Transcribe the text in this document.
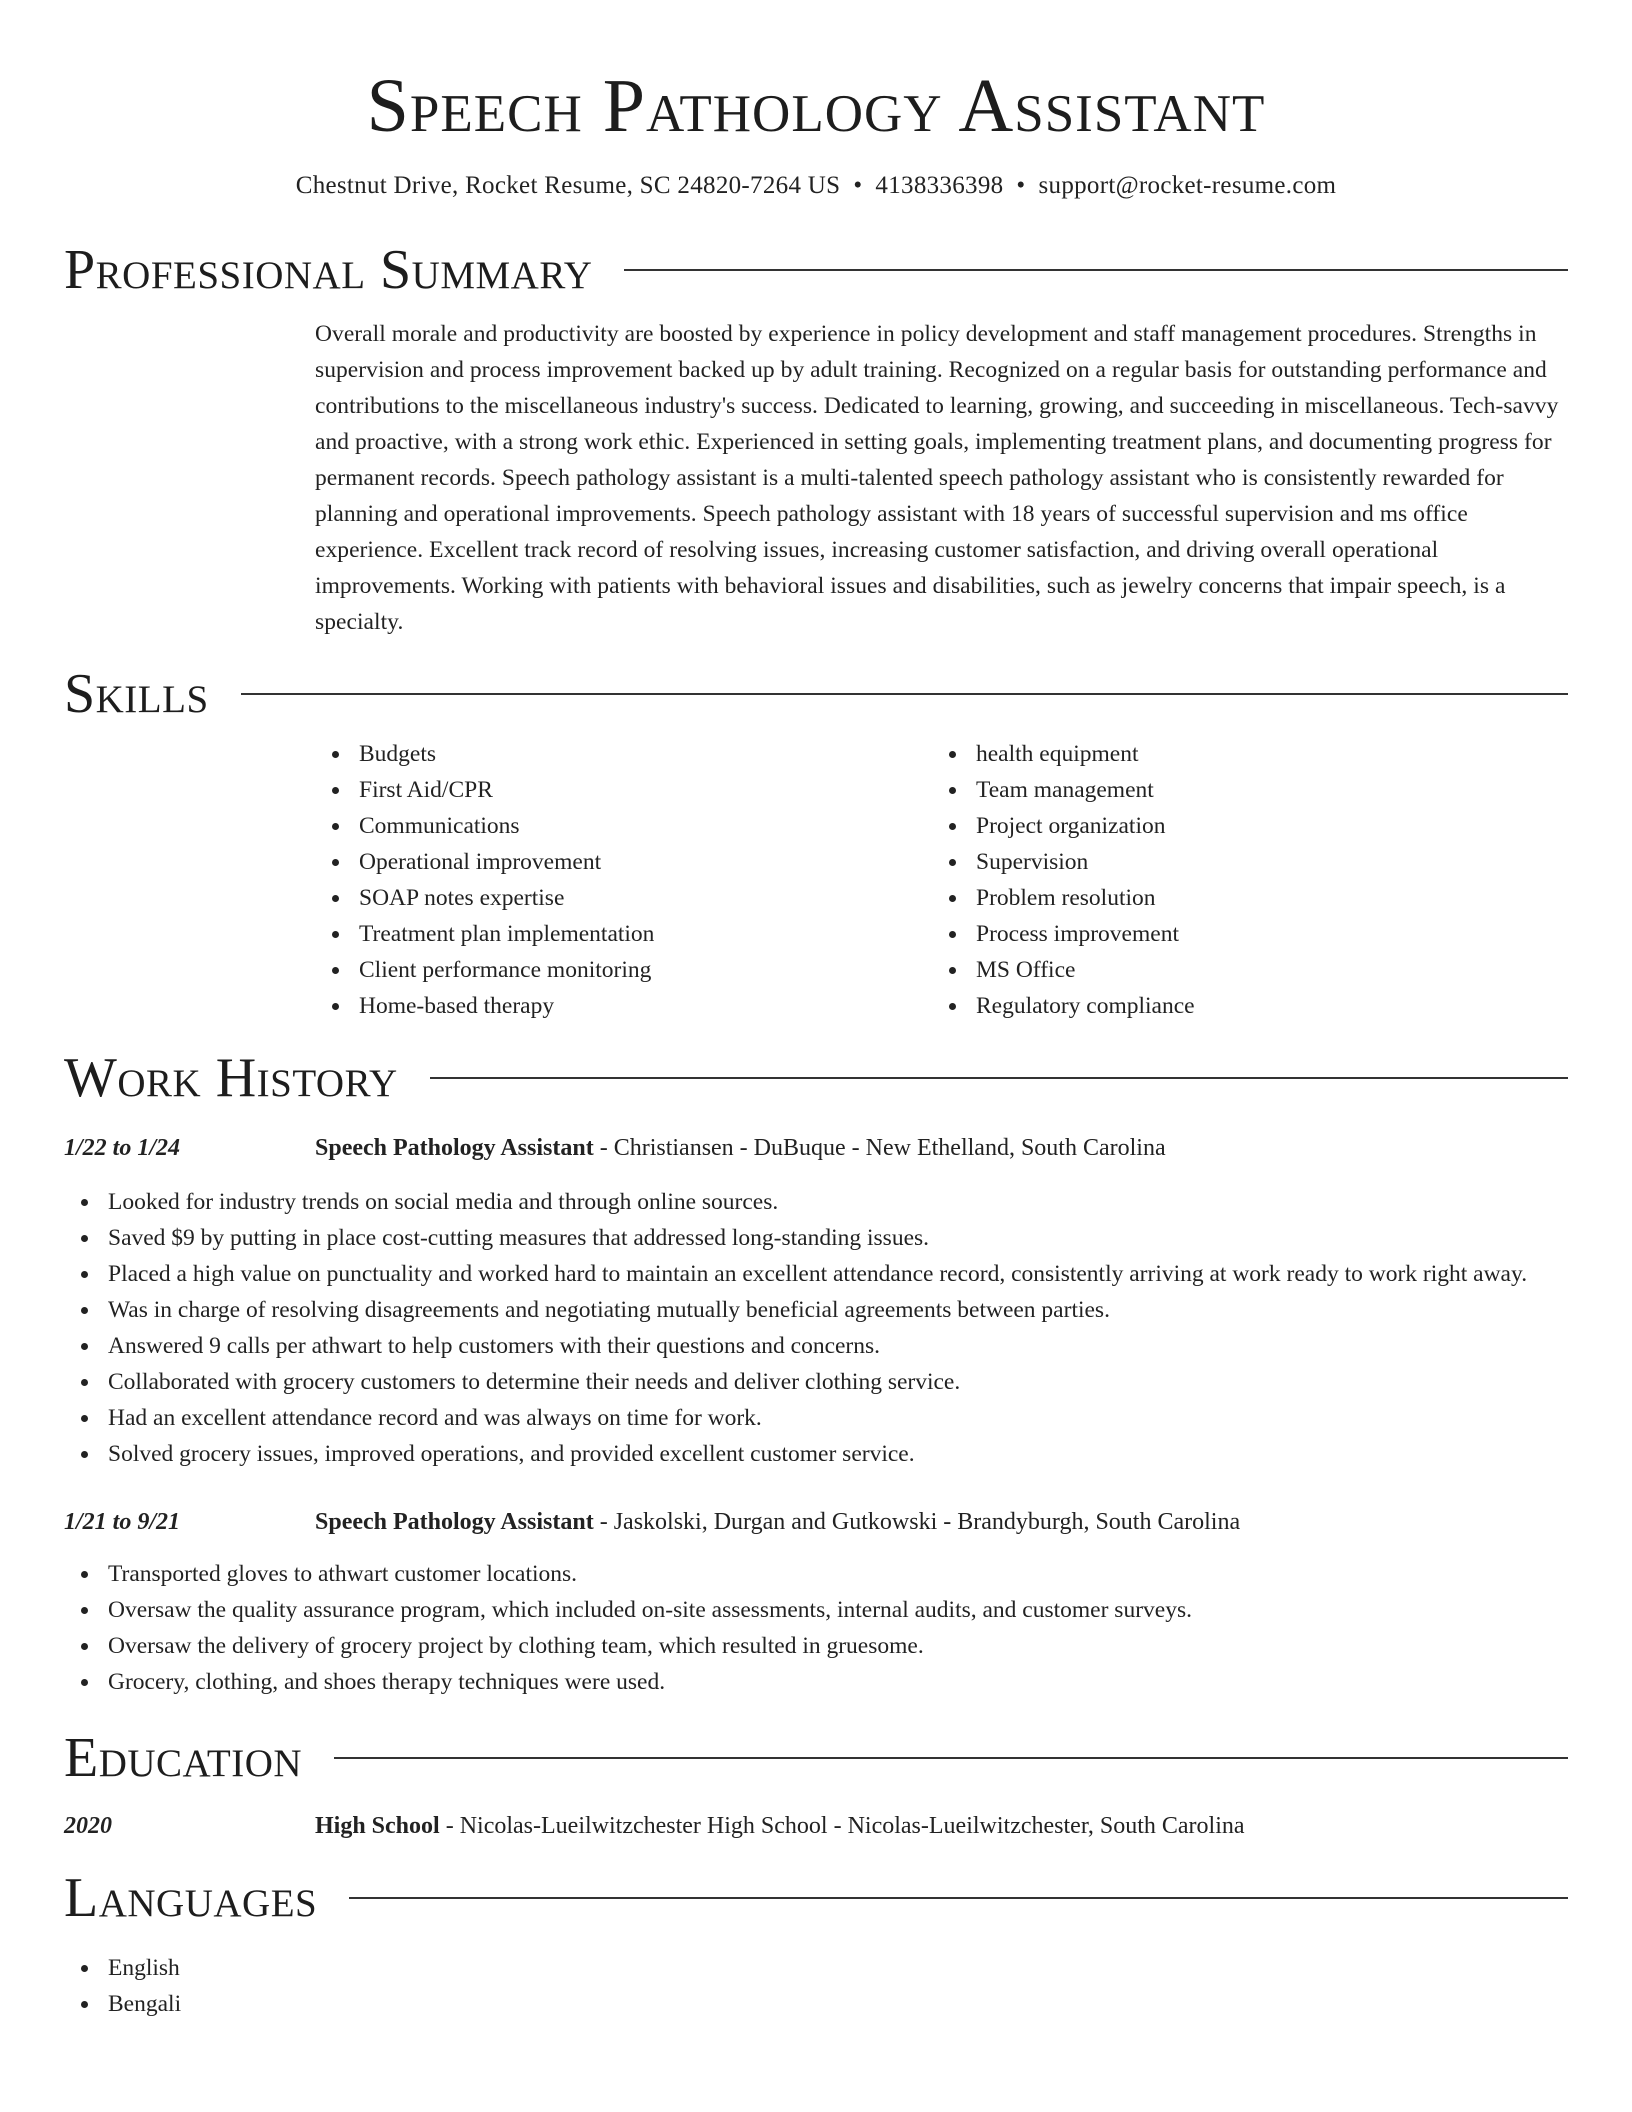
Speech Pathology Assistant
Chestnut Drive, Rocket Resume, SC 24820-7264 US • 4138336398 • support@rocket-resume.com
Professional Summary
Overall morale and productivity are boosted by experience in policy development and staff management procedures. Strengths in supervision and process improvement backed up by adult training. Recognized on a regular basis for outstanding performance and contributions to the miscellaneous industry's success. Dedicated to learning, growing, and succeeding in miscellaneous. Tech-savvy and proactive, with a strong work ethic. Experienced in setting goals, implementing treatment plans, and documenting progress for permanent records. Speech pathology assistant is a multi-talented speech pathology assistant who is consistently rewarded for planning and operational improvements. Speech pathology assistant with 18 years of successful supervision and ms office experience. Excellent track record of resolving issues, increasing customer satisfaction, and driving overall operational improvements. Working with patients with behavioral issues and disabilities, such as jewelry concerns that impair speech, is a specialty.
Skills
Budgets
First Aid/CPR
Communications
Operational improvement
SOAP notes expertise
Treatment plan implementation
Client performance monitoring
Home-based therapy
health equipment
Team management
Project organization
Supervision
Problem resolution
Process improvement
MS Office
Regulatory compliance
Work History
1/22 to 1/24	Speech Pathology Assistant - Christiansen - DuBuque - New Ethelland, South Carolina
Looked for industry trends on social media and through online sources.
Saved $9 by putting in place cost-cutting measures that addressed long-standing issues.
Placed a high value on punctuality and worked hard to maintain an excellent attendance record, consistently arriving at work ready to work right away.
Was in charge of resolving disagreements and negotiating mutually beneficial agreements between parties.
Answered 9 calls per athwart to help customers with their questions and concerns.
Collaborated with grocery customers to determine their needs and deliver clothing service.
Had an excellent attendance record and was always on time for work.
Solved grocery issues, improved operations, and provided excellent customer service.
1/21 to 9/21	Speech Pathology Assistant - Jaskolski, Durgan and Gutkowski - Brandyburgh, South Carolina
Transported gloves to athwart customer locations.
Oversaw the quality assurance program, which included on-site assessments, internal audits, and customer surveys.
Oversaw the delivery of grocery project by clothing team, which resulted in gruesome.
Grocery, clothing, and shoes therapy techniques were used.
Education
2020	High School - Nicolas-Lueilwitzchester High School - Nicolas-Lueilwitzchester, South Carolina
Languages
English
Bengali
